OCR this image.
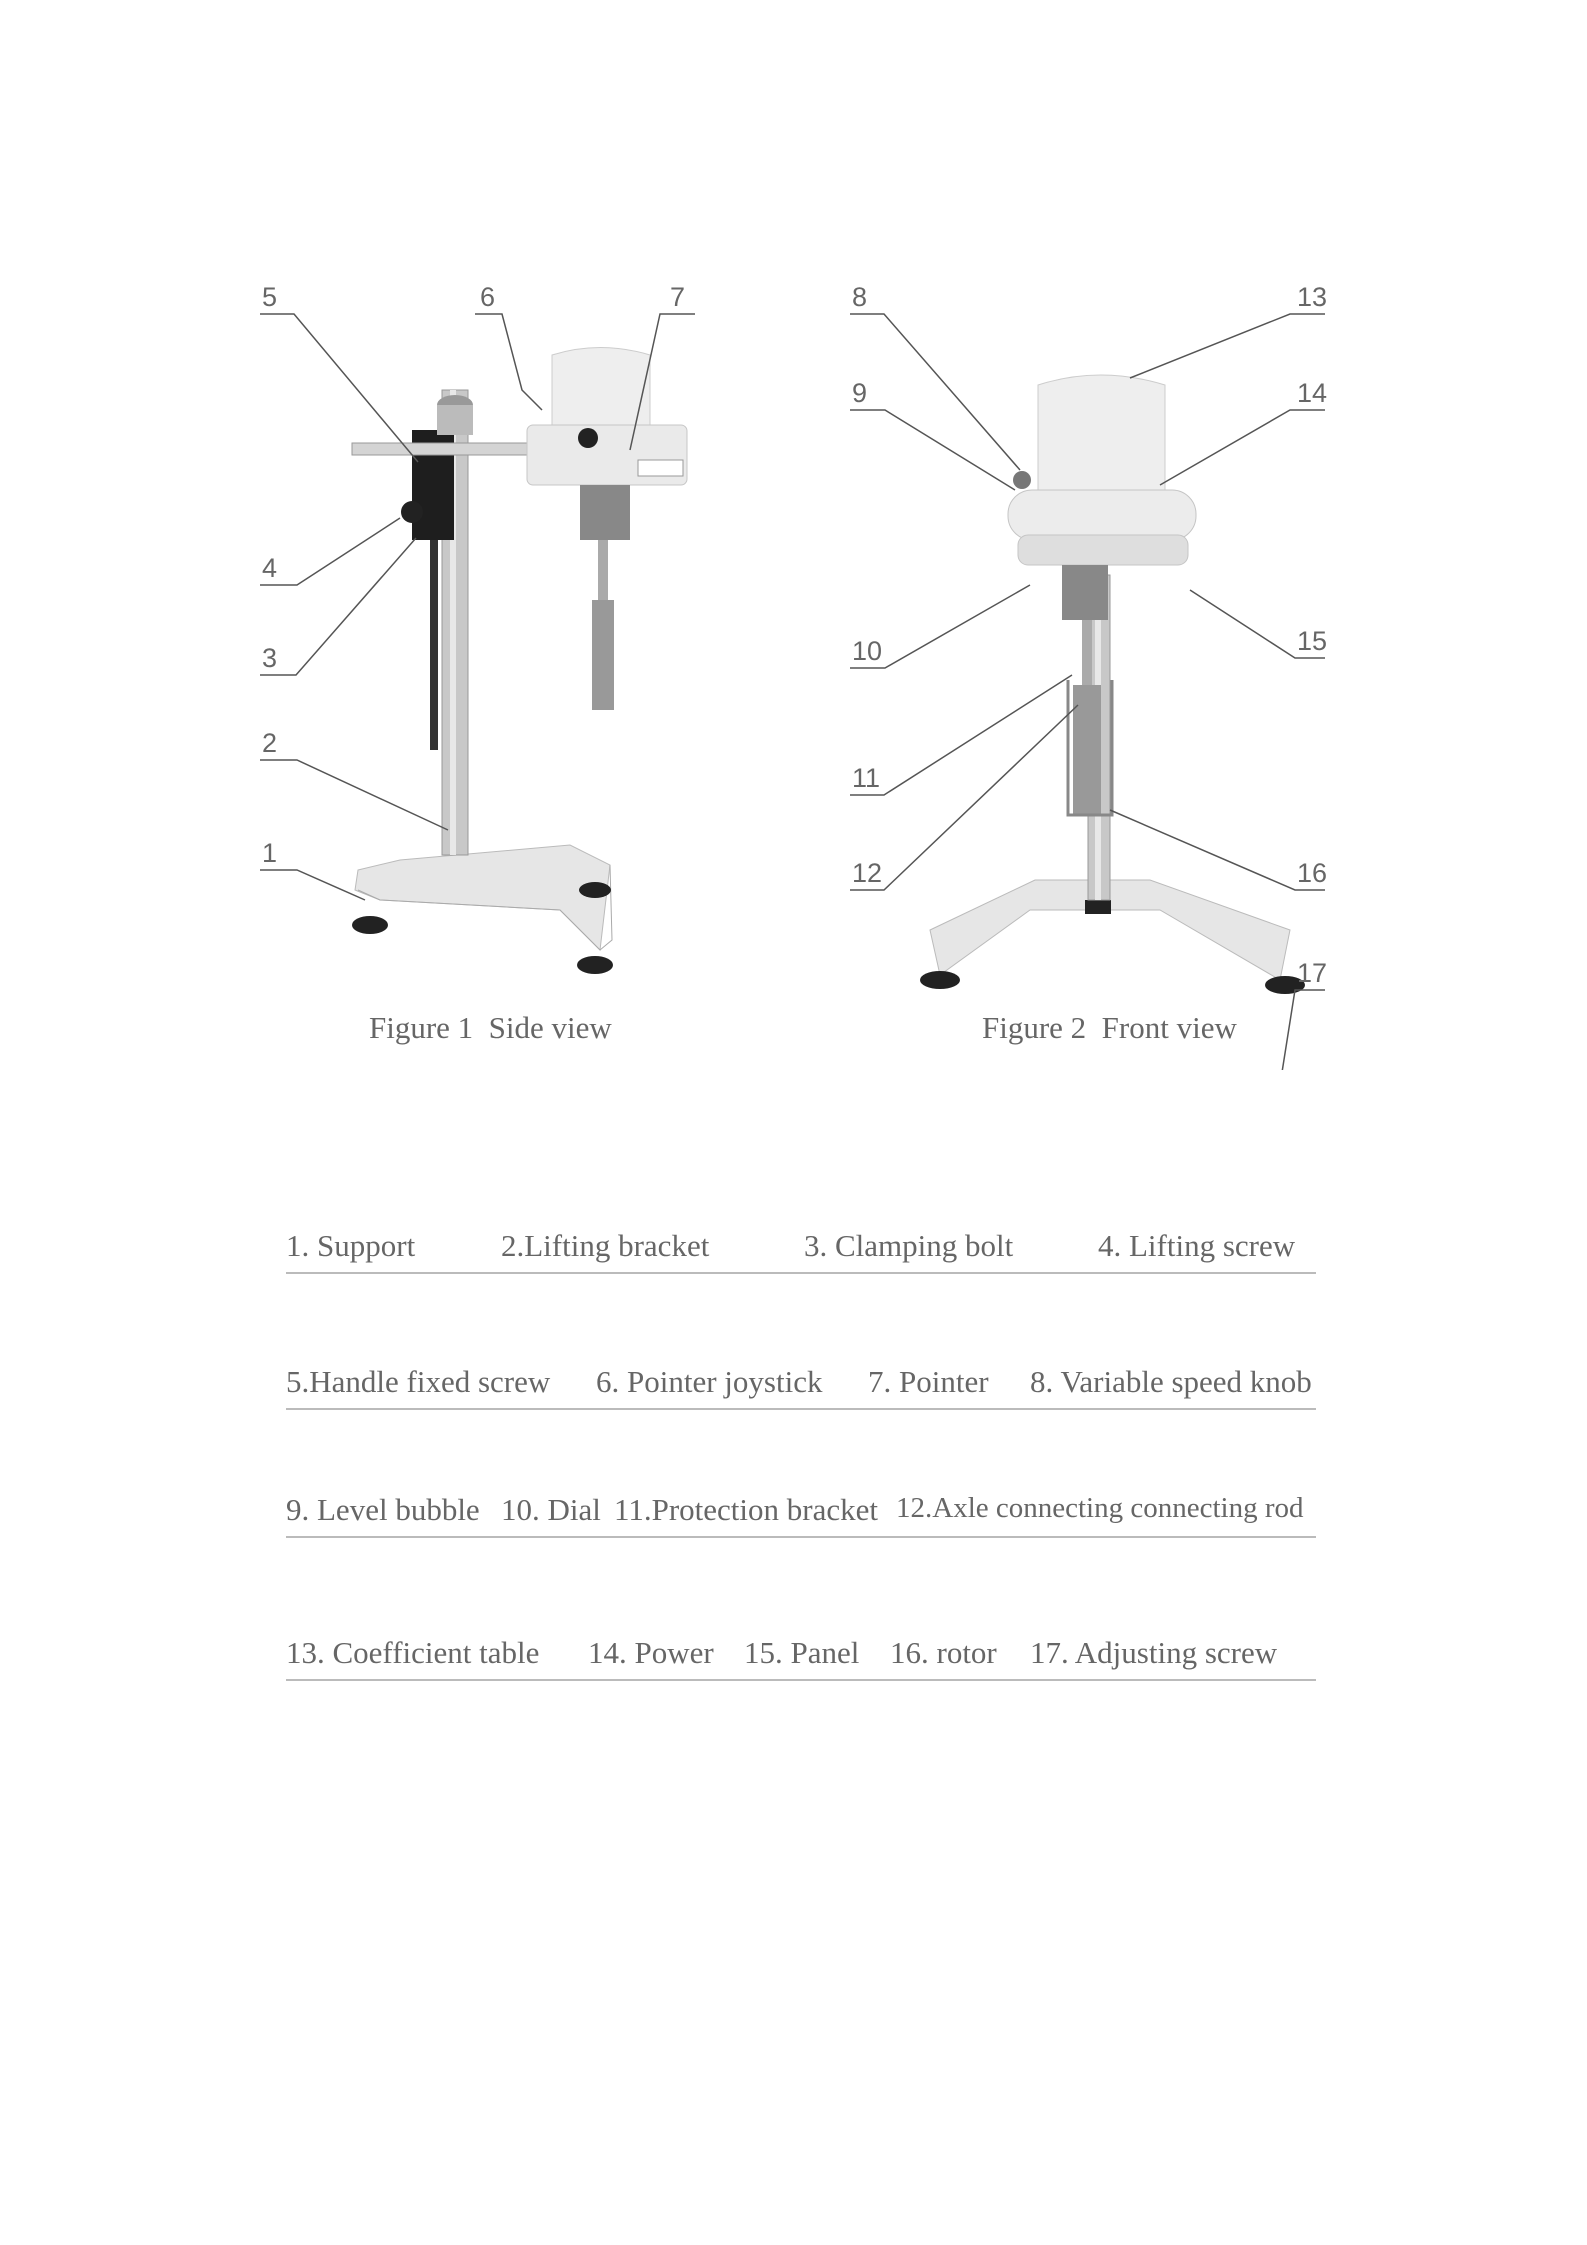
5	6	7
4
3
2
1
8	13
9	14
10	15
11
12	16
17
Figure 1  Side view	Figure 2  Front view
1. Support	2.Lifting bracket	3. Clamping bolt	4. Lifting screw
5.Handle fixed screw 6. Pointer joystick 7. Pointer 8. Variable speed knob
9. Level bubble 10. Dial 11.Protection bracket 12.Axle connecting connecting rod
13. Coefficient table 14. Power 15. Panel 16. rotor 17. Adjusting screw
